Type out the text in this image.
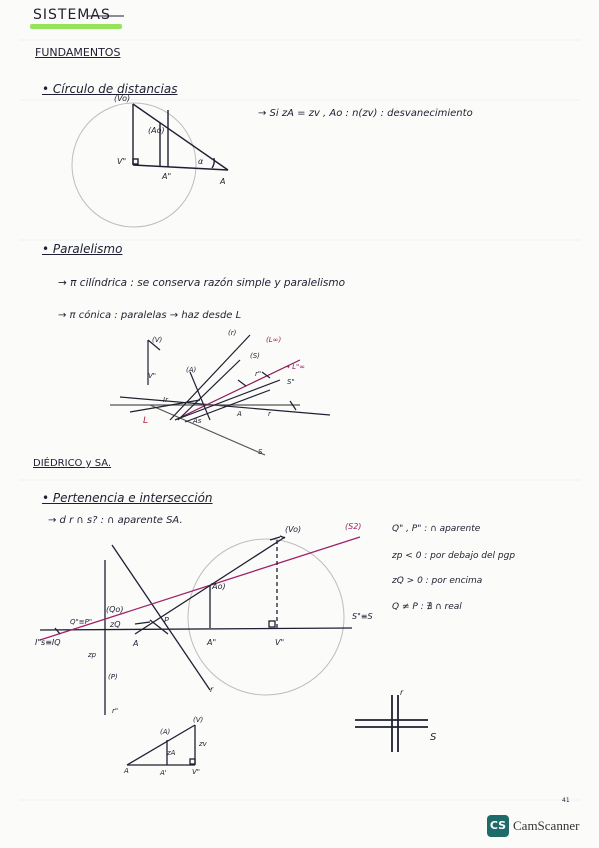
SISTEMAS
FUNDAMENTOS
• Círculo de distancias
→ Si zA = zv , Ao : n(zv) : desvanecimiento
(Vo)
(Ao)
V"
A"
A
α
• Paralelismo
→ π cilíndrica : se conserva razón simple y paralelismo
→ π cónica : paralelas → haz desde L
(V)
V"
(r)
(L∞)
(S)
→ L"∞
r"
S"
(A)
Ir
L	As
A	r
S
DIÉDRICO y SA.
• Pertenencia e intersección
→ d r ∩ s? : ∩ aparente SA.
Q" , P" : ∩ aparente
zp < 0 : por debajo del pgp
zQ > 0 : por encima
Q ≠ P : ∄ ∩ real
(Vo)	(S2)
(Ao)
(Qo)
Q"≡P" zQ
I"s≡IQ
zp
A
P
A"	V"
S"≡S
(P)
r
r"
(A)
(V)
zA
zv
A	A'	V"
r
S
41
CS CamScanner
